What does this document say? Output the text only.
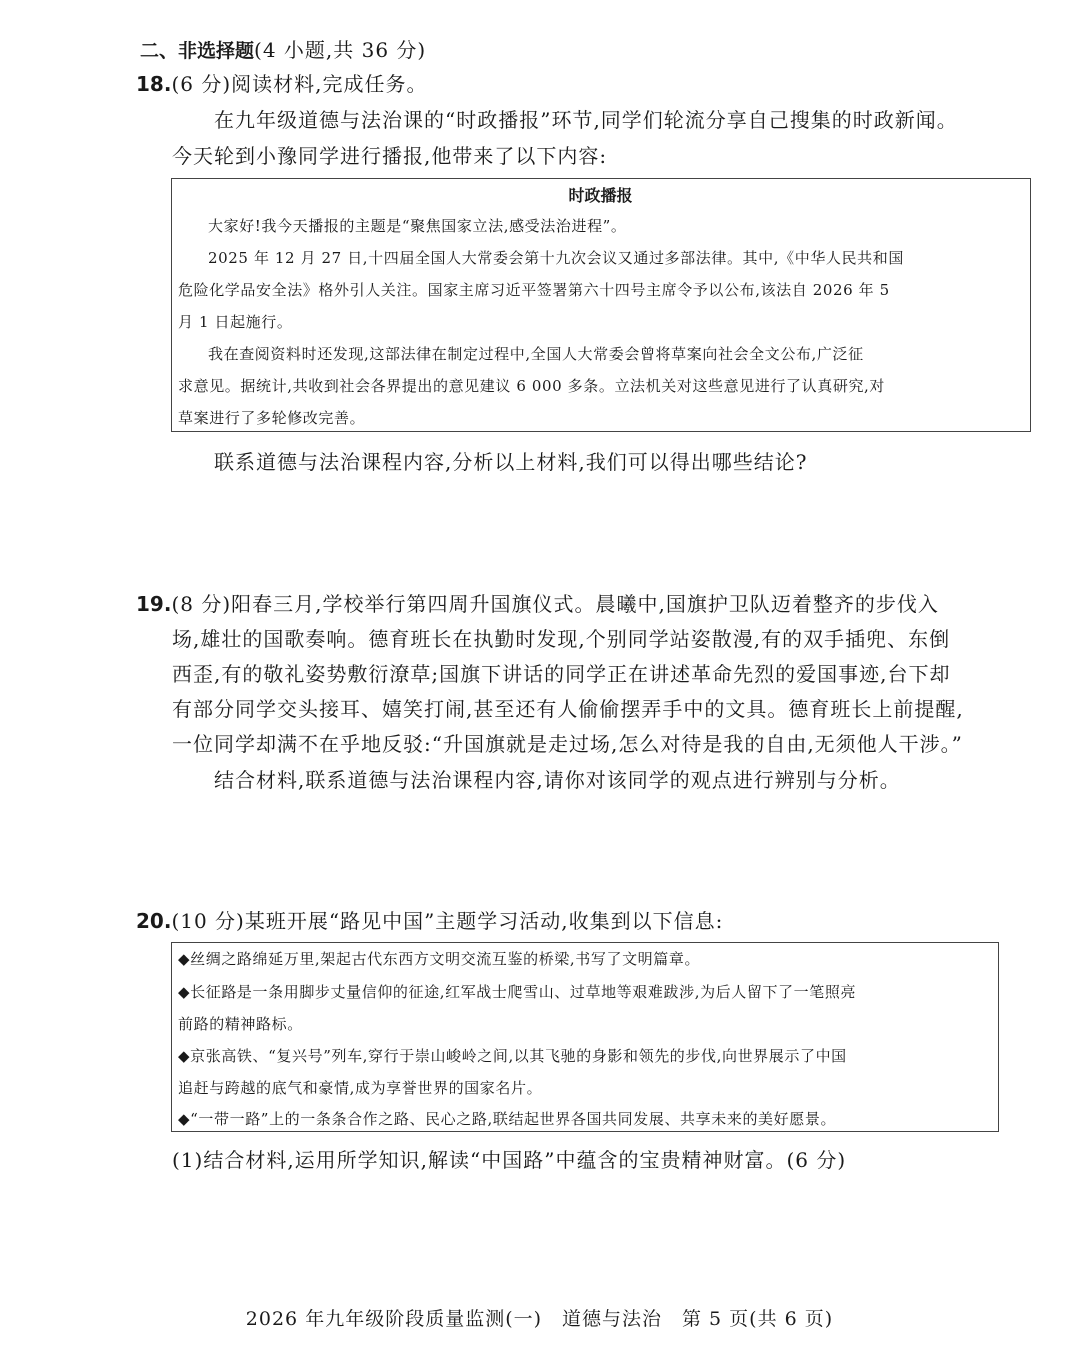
二、非选择题(4 小题,共 36 分)
18.(6 分)阅读材料,完成任务。
在九年级道德与法治课的“时政播报”环节,同学们轮流分享自己搜集的时政新闻。
今天轮到小豫同学进行播报,他带来了以下内容:
时政播报
大家好!我今天播报的主题是“聚焦国家立法,感受法治进程”。
2025 年 12 月 27 日,十四届全国人大常委会第十九次会议又通过多部法律。其中,《中华人民共和国
危险化学品安全法》格外引人关注。国家主席习近平签署第六十四号主席令予以公布,该法自 2026 年 5
月 1 日起施行。
我在查阅资料时还发现,这部法律在制定过程中,全国人大常委会曾将草案向社会全文公布,广泛征
求意见。据统计,共收到社会各界提出的意见建议 6 000 多条。立法机关对这些意见进行了认真研究,对
草案进行了多轮修改完善。
联系道德与法治课程内容,分析以上材料,我们可以得出哪些结论?
19.(8 分)阳春三月,学校举行第四周升国旗仪式。晨曦中,国旗护卫队迈着整齐的步伐入
场,雄壮的国歌奏响。德育班长在执勤时发现,个别同学站姿散漫,有的双手插兜、东倒
西歪,有的敬礼姿势敷衍潦草;国旗下讲话的同学正在讲述革命先烈的爱国事迹,台下却
有部分同学交头接耳、嬉笑打闹,甚至还有人偷偷摆弄手中的文具。德育班长上前提醒,
一位同学却满不在乎地反驳:“升国旗就是走过场,怎么对待是我的自由,无须他人干涉。”
结合材料,联系道德与法治课程内容,请你对该同学的观点进行辨别与分析。
20.(10 分)某班开展“路见中国”主题学习活动,收集到以下信息:
◆丝绸之路绵延万里,架起古代东西方文明交流互鉴的桥梁,书写了文明篇章。
◆长征路是一条用脚步丈量信仰的征途,红军战士爬雪山、过草地等艰难跋涉,为后人留下了一笔照亮
前路的精神路标。
◆京张高铁、“复兴号”列车,穿行于崇山峻岭之间,以其飞驰的身影和领先的步伐,向世界展示了中国
追赶与跨越的底气和豪情,成为享誉世界的国家名片。
◆“一带一路”上的一条条合作之路、民心之路,联结起世界各国共同发展、共享未来的美好愿景。
(1)结合材料,运用所学知识,解读“中国路”中蕴含的宝贵精神财富。(6 分)
2026 年九年级阶段质量监测(一)　道德与法治　第 5 页(共 6 页)
